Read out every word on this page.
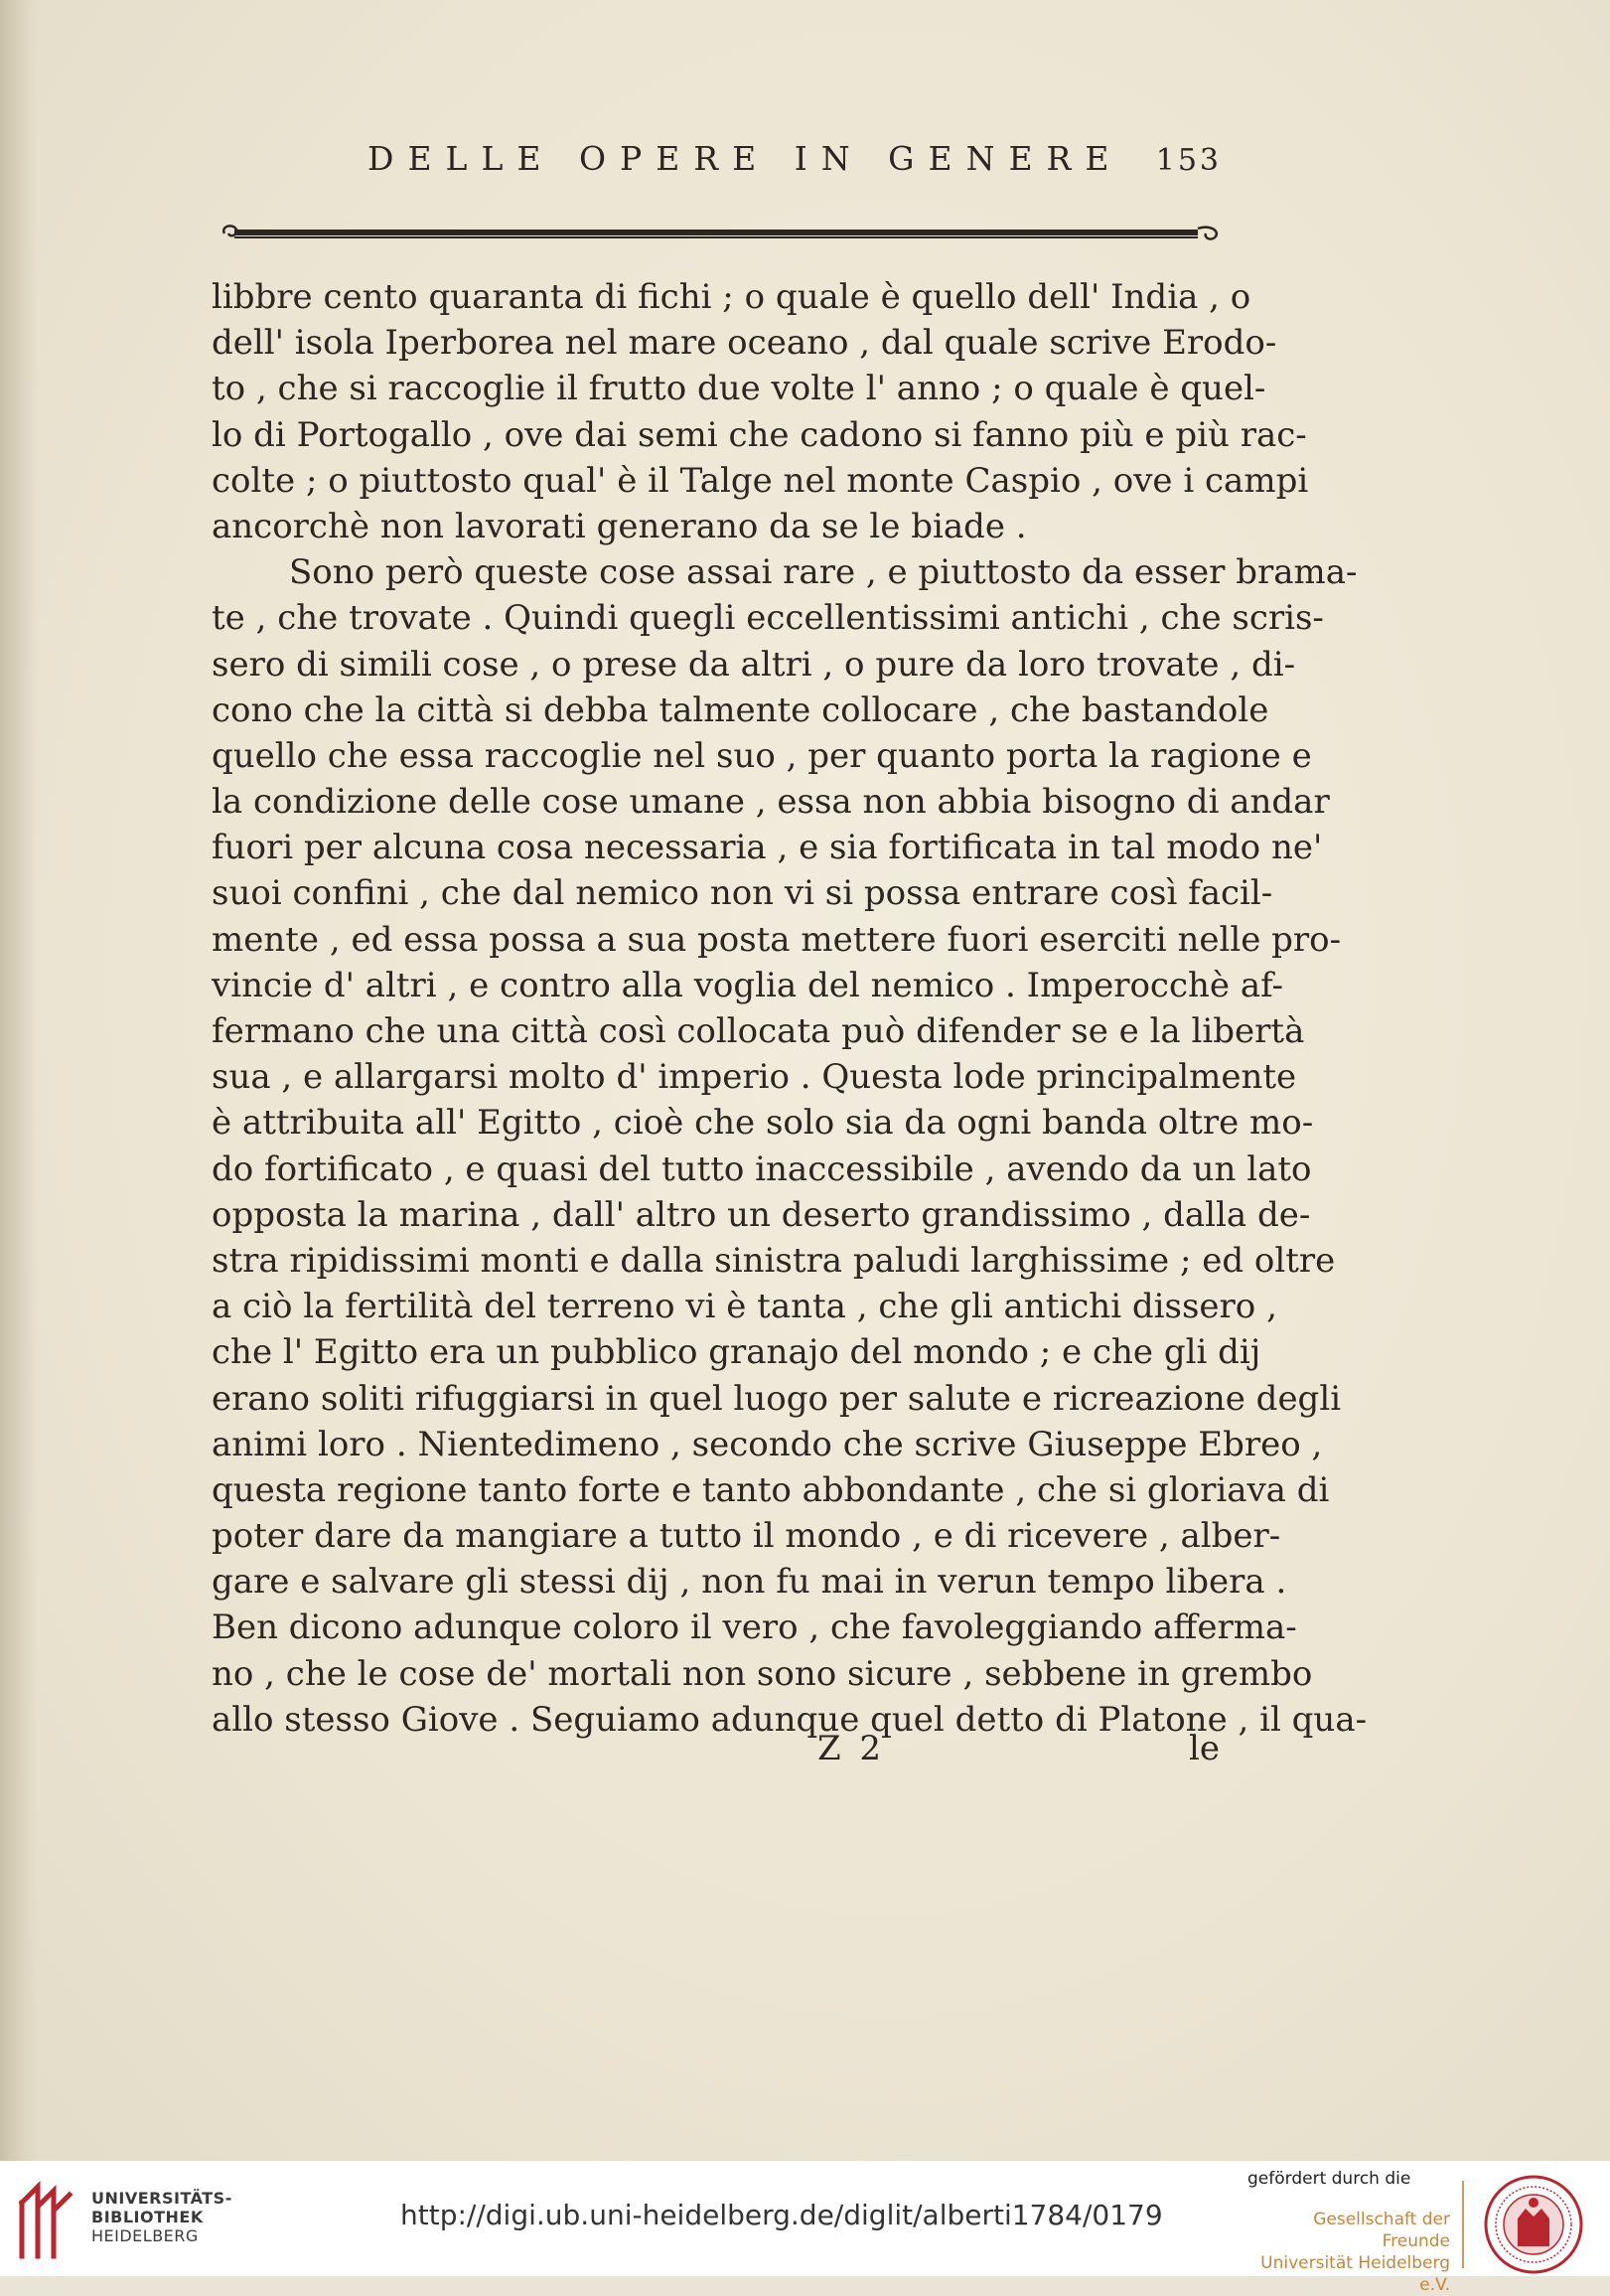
DELLE OPERE IN GENERE 153
libbre cento quaranta di fichi ; o quale è quello dell' India , o
dell' isola Iperborea nel mare oceano , dal quale scrive Erodo-
to , che si raccoglie il frutto due volte l' anno ; o quale è quel-
lo di Portogallo , ove dai semi che cadono si fanno più e più rac-
colte ; o piuttosto qual' è il Talge nel monte Caspio , ove i campi
ancorchè non lavorati generano da se le biade .
Sono però queste cose assai rare , e piuttosto da esser brama-
te , che trovate . Quindi quegli eccellentissimi antichi , che scris-
sero di simili cose , o prese da altri , o pure da loro trovate , di-
cono che la città si debba talmente collocare , che bastandole
quello che essa raccoglie nel suo , per quanto porta la ragione e
la condizione delle cose umane , essa non abbia bisogno di andar
fuori per alcuna cosa necessaria , e sia fortificata in tal modo ne'
suoi confini , che dal nemico non vi si possa entrare così facil-
mente , ed essa possa a sua posta mettere fuori eserciti nelle pro-
vincie d' altri , e contro alla voglia del nemico . Imperocchè af-
fermano che una città così collocata può difender se e la libertà
sua , e allargarsi molto d' imperio . Questa lode principalmente
è attribuita all' Egitto , cioè che solo sia da ogni banda oltre mo-
do fortificato , e quasi del tutto inaccessibile , avendo da un lato
opposta la marina , dall' altro un deserto grandissimo , dalla de-
stra ripidissimi monti e dalla sinistra paludi larghissime ; ed oltre
a ciò la fertilità del terreno vi è tanta , che gli antichi dissero ,
che l' Egitto era un pubblico granajo del mondo ; e che gli dij
erano soliti rifuggiarsi in quel luogo per salute e ricreazione degli
animi loro . Nientedimeno , secondo che scrive Giuseppe Ebreo ,
questa regione tanto forte e tanto abbondante , che si gloriava di
poter dare da mangiare a tutto il mondo , e di ricevere , alber-
gare e salvare gli stessi dij , non fu mai in verun tempo libera .
Ben dicono adunque coloro il vero , che favoleggiando afferma-
no , che le cose de' mortali non sono sicure , sebbene in grembo
allo stesso Giove . Seguiamo adunque quel detto di Platone , il qua-
Z 2	le
UNIVERSITÄTS-
BIBLIOTHEK
HEIDELBERG
http://digi.ub.uni-heidelberg.de/diglit/alberti1784/0179
gefördert durch die
Gesellschaft der Freunde
Universität Heidelberg e.V.
